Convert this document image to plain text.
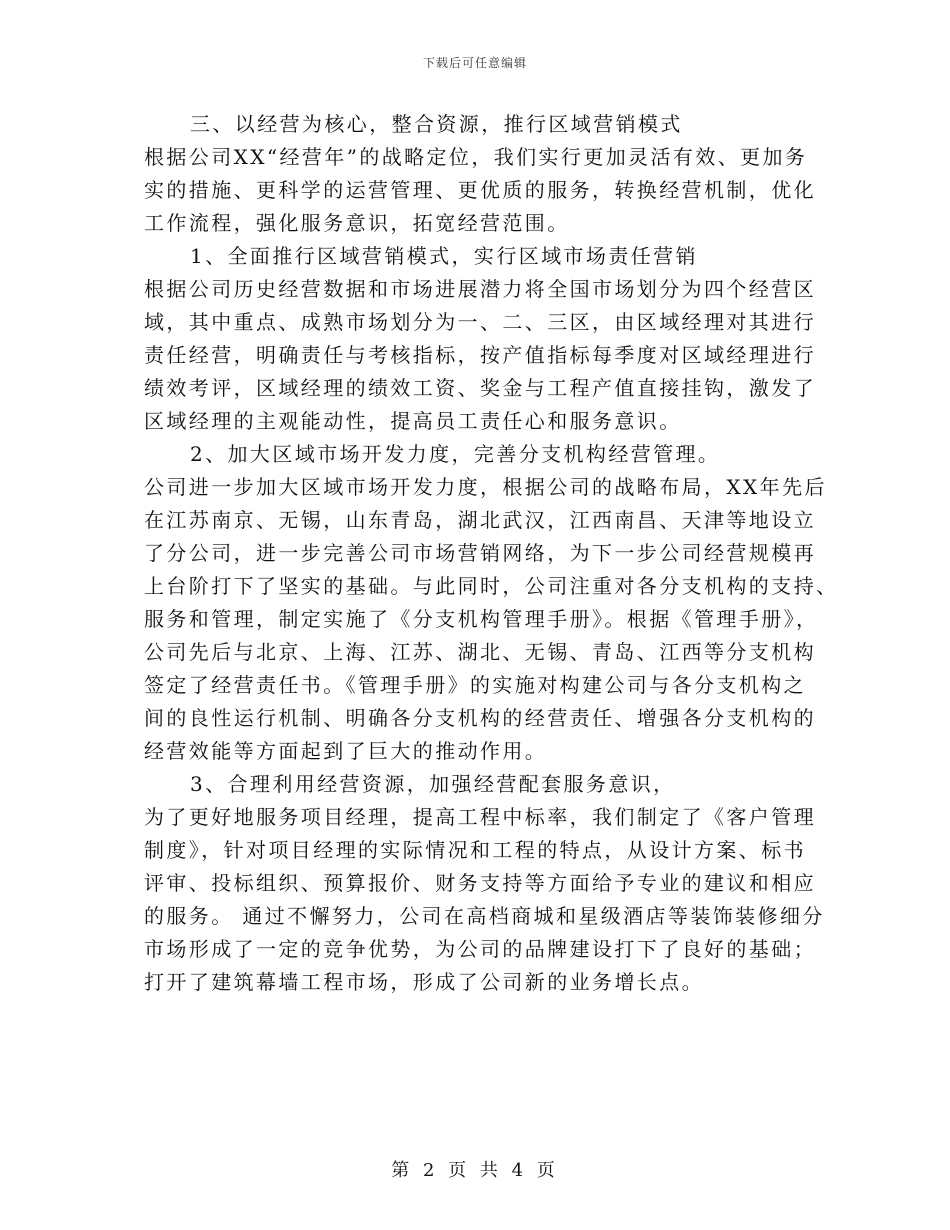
下载后可任意编辑
三、以经营为核心，整合资源，推行区域营销模式
根据公司XX“经营年”的战略定位，我们实行更加灵活有效、更加务
实的措施、更科学的运营管理、更优质的服务，转换经营机制，优化
工作流程，强化服务意识，拓宽经营范围。
1、全面推行区域营销模式，实行区域市场责任营销
根据公司历史经营数据和市场进展潜力将全国市场划分为四个经营区
域，其中重点、成熟市场划分为一、二、三区，由区域经理对其进行
责任经营，明确责任与考核指标，按产值指标每季度对区域经理进行
绩效考评，区域经理的绩效工资、奖金与工程产值直接挂钩，激发了
区域经理的主观能动性，提高员工责任心和服务意识。
2、加大区域市场开发力度，完善分支机构经营管理。
公司进一步加大区域市场开发力度，根据公司的战略布局，XX年先后
在江苏南京、无锡，山东青岛，湖北武汉，江西南昌、天津等地设立
了分公司，进一步完善公司市场营销网络，为下一步公司经营规模再
上台阶打下了坚实的基础。与此同时，公司注重对各分支机构的支持、
服务和管理，制定实施了《分支机构管理手册》。根据《管理手册》，
公司先后与北京、上海、江苏、湖北、无锡、青岛、江西等分支机构
签定了经营责任书。《管理手册》的实施对构建公司与各分支机构之
间的良性运行机制、明确各分支机构的经营责任、增强各分支机构的
经营效能等方面起到了巨大的推动作用。
3、合理利用经营资源，加强经营配套服务意识，
为了更好地服务项目经理，提高工程中标率，我们制定了《客户管理
制度》，针对项目经理的实际情况和工程的特点，从设计方案、标书
评审、投标组织、预算报价、财务支持等方面给予专业的建议和相应
的服务。 通过不懈努力，公司在高档商城和星级酒店等装饰装修细分
市场形成了一定的竞争优势，为公司的品牌建设打下了良好的基础；
打开了建筑幕墙工程市场，形成了公司新的业务增长点。
第 2 页 共 4 页
